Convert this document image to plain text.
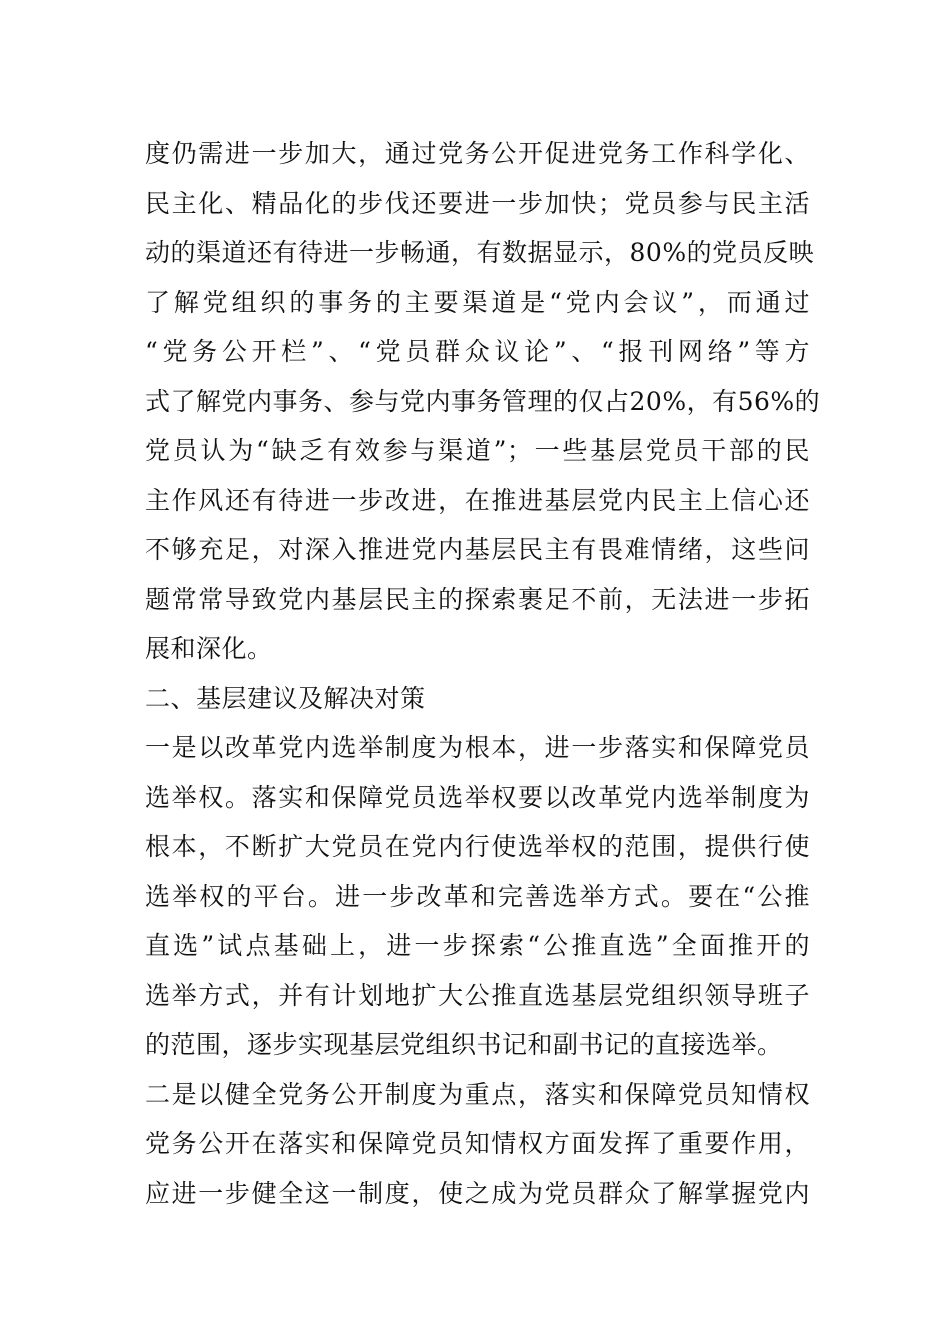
度仍需进一步加大，通过党务公开促进党务工作科学化、
民主化、精品化的步伐还要进一步加快；党员参与民主活
动的渠道还有待进一步畅通，有数据显示，80%的党员反映
了解党组织的事务的主要渠道是“党内会议”，而通过
“党务公开栏”、“党员群众议论”、“报刊网络”等方
式了解党内事务、参与党内事务管理的仅占20%，有56%的
党员认为“缺乏有效参与渠道”；一些基层党员干部的民
主作风还有待进一步改进，在推进基层党内民主上信心还
不够充足，对深入推进党内基层民主有畏难情绪，这些问
题常常导致党内基层民主的探索裹足不前，无法进一步拓
展和深化。
二、基层建议及解决对策
一是以改革党内选举制度为根本，进一步落实和保障党员
选举权。落实和保障党员选举权要以改革党内选举制度为
根本，不断扩大党员在党内行使选举权的范围，提供行使
选举权的平台。进一步改革和完善选举方式。要在“公推
直选”试点基础上，进一步探索“公推直选”全面推开的
选举方式，并有计划地扩大公推直选基层党组织领导班子
的范围，逐步实现基层党组织书记和副书记的直接选举。
二是以健全党务公开制度为重点，落实和保障党员知情权
党务公开在落实和保障党员知情权方面发挥了重要作用，
应进一步健全这一制度，使之成为党员群众了解掌握党内
